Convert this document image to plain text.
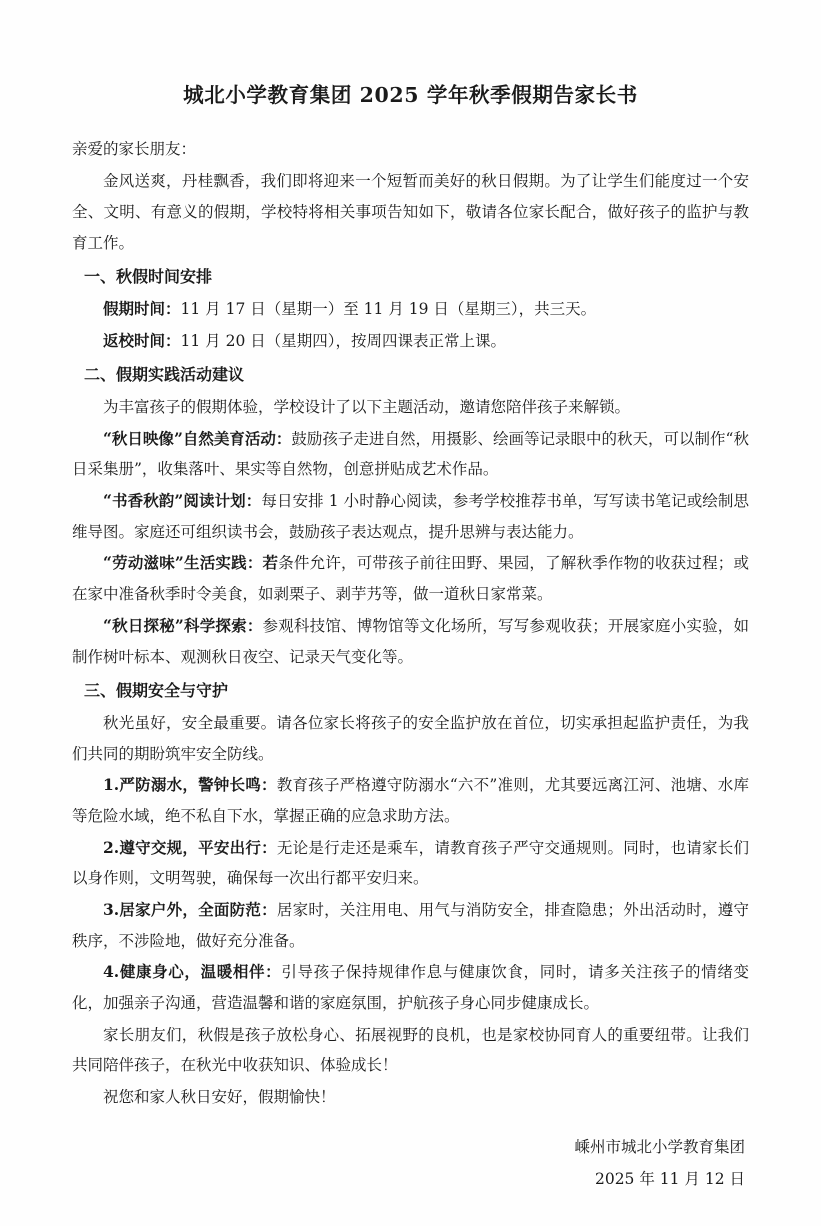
城北小学教育集团 2025 学年秋季假期告家长书

亲爱的家长朋友：

金风送爽，丹桂飘香，我们即将迎来一个短暂而美好的秋日假期。为了让学生们能度过一个安全、文明、有意义的假期，学校特将相关事项告知如下，敬请各位家长配合，做好孩子的监护与教育工作。

一、秋假时间安排

假期时间：11 月 17 日（星期一）至 11 月 19 日（星期三），共三天。

返校时间：11 月 20 日（星期四），按周四课表正常上课。

二、假期实践活动建议

为丰富孩子的假期体验，学校设计了以下主题活动，邀请您陪伴孩子来解锁。

“秋日映像”自然美育活动：鼓励孩子走进自然，用摄影、绘画等记录眼中的秋天，可以制作“秋日采集册”，收集落叶、果实等自然物，创意拼贴成艺术作品。

“书香秋韵”阅读计划：每日安排 1 小时静心阅读，参考学校推荐书单，写写读书笔记或绘制思维导图。家庭还可组织读书会，鼓励孩子表达观点，提升思辨与表达能力。

“劳动滋味”生活实践：若条件允许，可带孩子前往田野、果园，了解秋季作物的收获过程；或在家中准备秋季时令美食，如剥栗子、剥芋艿等，做一道秋日家常菜。

“秋日探秘”科学探索：参观科技馆、博物馆等文化场所，写写参观收获；开展家庭小实验，如制作树叶标本、观测秋日夜空、记录天气变化等。

三、假期安全与守护

秋光虽好，安全最重要。请各位家长将孩子的安全监护放在首位，切实承担起监护责任，为我们共同的期盼筑牢安全防线。

1.严防溺水，警钟长鸣：教育孩子严格遵守防溺水“六不”准则，尤其要远离江河、池塘、水库等危险水域，绝不私自下水，掌握正确的应急求助方法。

2.遵守交规，平安出行：无论是行走还是乘车，请教育孩子严守交通规则。同时，也请家长们以身作则，文明驾驶，确保每一次出行都平安归来。

3.居家户外，全面防范：居家时，关注用电、用气与消防安全，排查隐患；外出活动时，遵守秩序，不涉险地，做好充分准备。

4.健康身心，温暖相伴：引导孩子保持规律作息与健康饮食，同时，请多关注孩子的情绪变化，加强亲子沟通，营造温馨和谐的家庭氛围，护航孩子身心同步健康成长。

家长朋友们，秋假是孩子放松身心、拓展视野的良机，也是家校协同育人的重要纽带。让我们共同陪伴孩子，在秋光中收获知识、体验成长！

祝您和家人秋日安好，假期愉快！

嵊州市城北小学教育集团
2025 年 11 月 12 日
